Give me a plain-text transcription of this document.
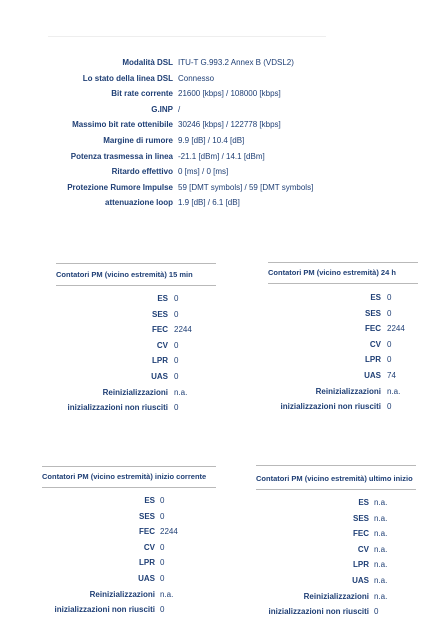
Modalità DSL ITU-T G.993.2 Annex B (VDSL2)
Lo stato della linea DSL Connesso
Bit rate corrente 21600 [kbps] / 108000 [kbps]
G.INP /
Massimo bit rate ottenibile 30246 [kbps] / 122778 [kbps]
Margine di rumore 9.9 [dB] / 10.4 [dB]
Potenza trasmessa in linea -21.1 [dBm] / 14.1 [dBm]
Ritardo effettivo 0 [ms] / 0 [ms]
Protezione Rumore Impulse 59 [DMT symbols] / 59 [DMT symbols]
attenuazione loop 1.9 [dB] / 6.1 [dB]
Contatori PM (vicino estremità) 15 min
ES 0
SES 0
FEC 2244
CV 0
LPR 0
UAS 0
Reinizializzazioni n.a.
inizializzazioni non riusciti 0
Contatori PM (vicino estremità) 24 h
ES 0
SES 0
FEC 2244
CV 0
LPR 0
UAS 74
Reinizializzazioni n.a.
inizializzazioni non riusciti 0
Contatori PM (vicino estremità) inizio corrente
ES 0
SES 0
FEC 2244
CV 0
LPR 0
UAS 0
Reinizializzazioni n.a.
inizializzazioni non riusciti 0
Contatori PM (vicino estremità) ultimo inizio
ES n.a.
SES n.a.
FEC n.a.
CV n.a.
LPR n.a.
UAS n.a.
Reinizializzazioni n.a.
inizializzazioni non riusciti 0
